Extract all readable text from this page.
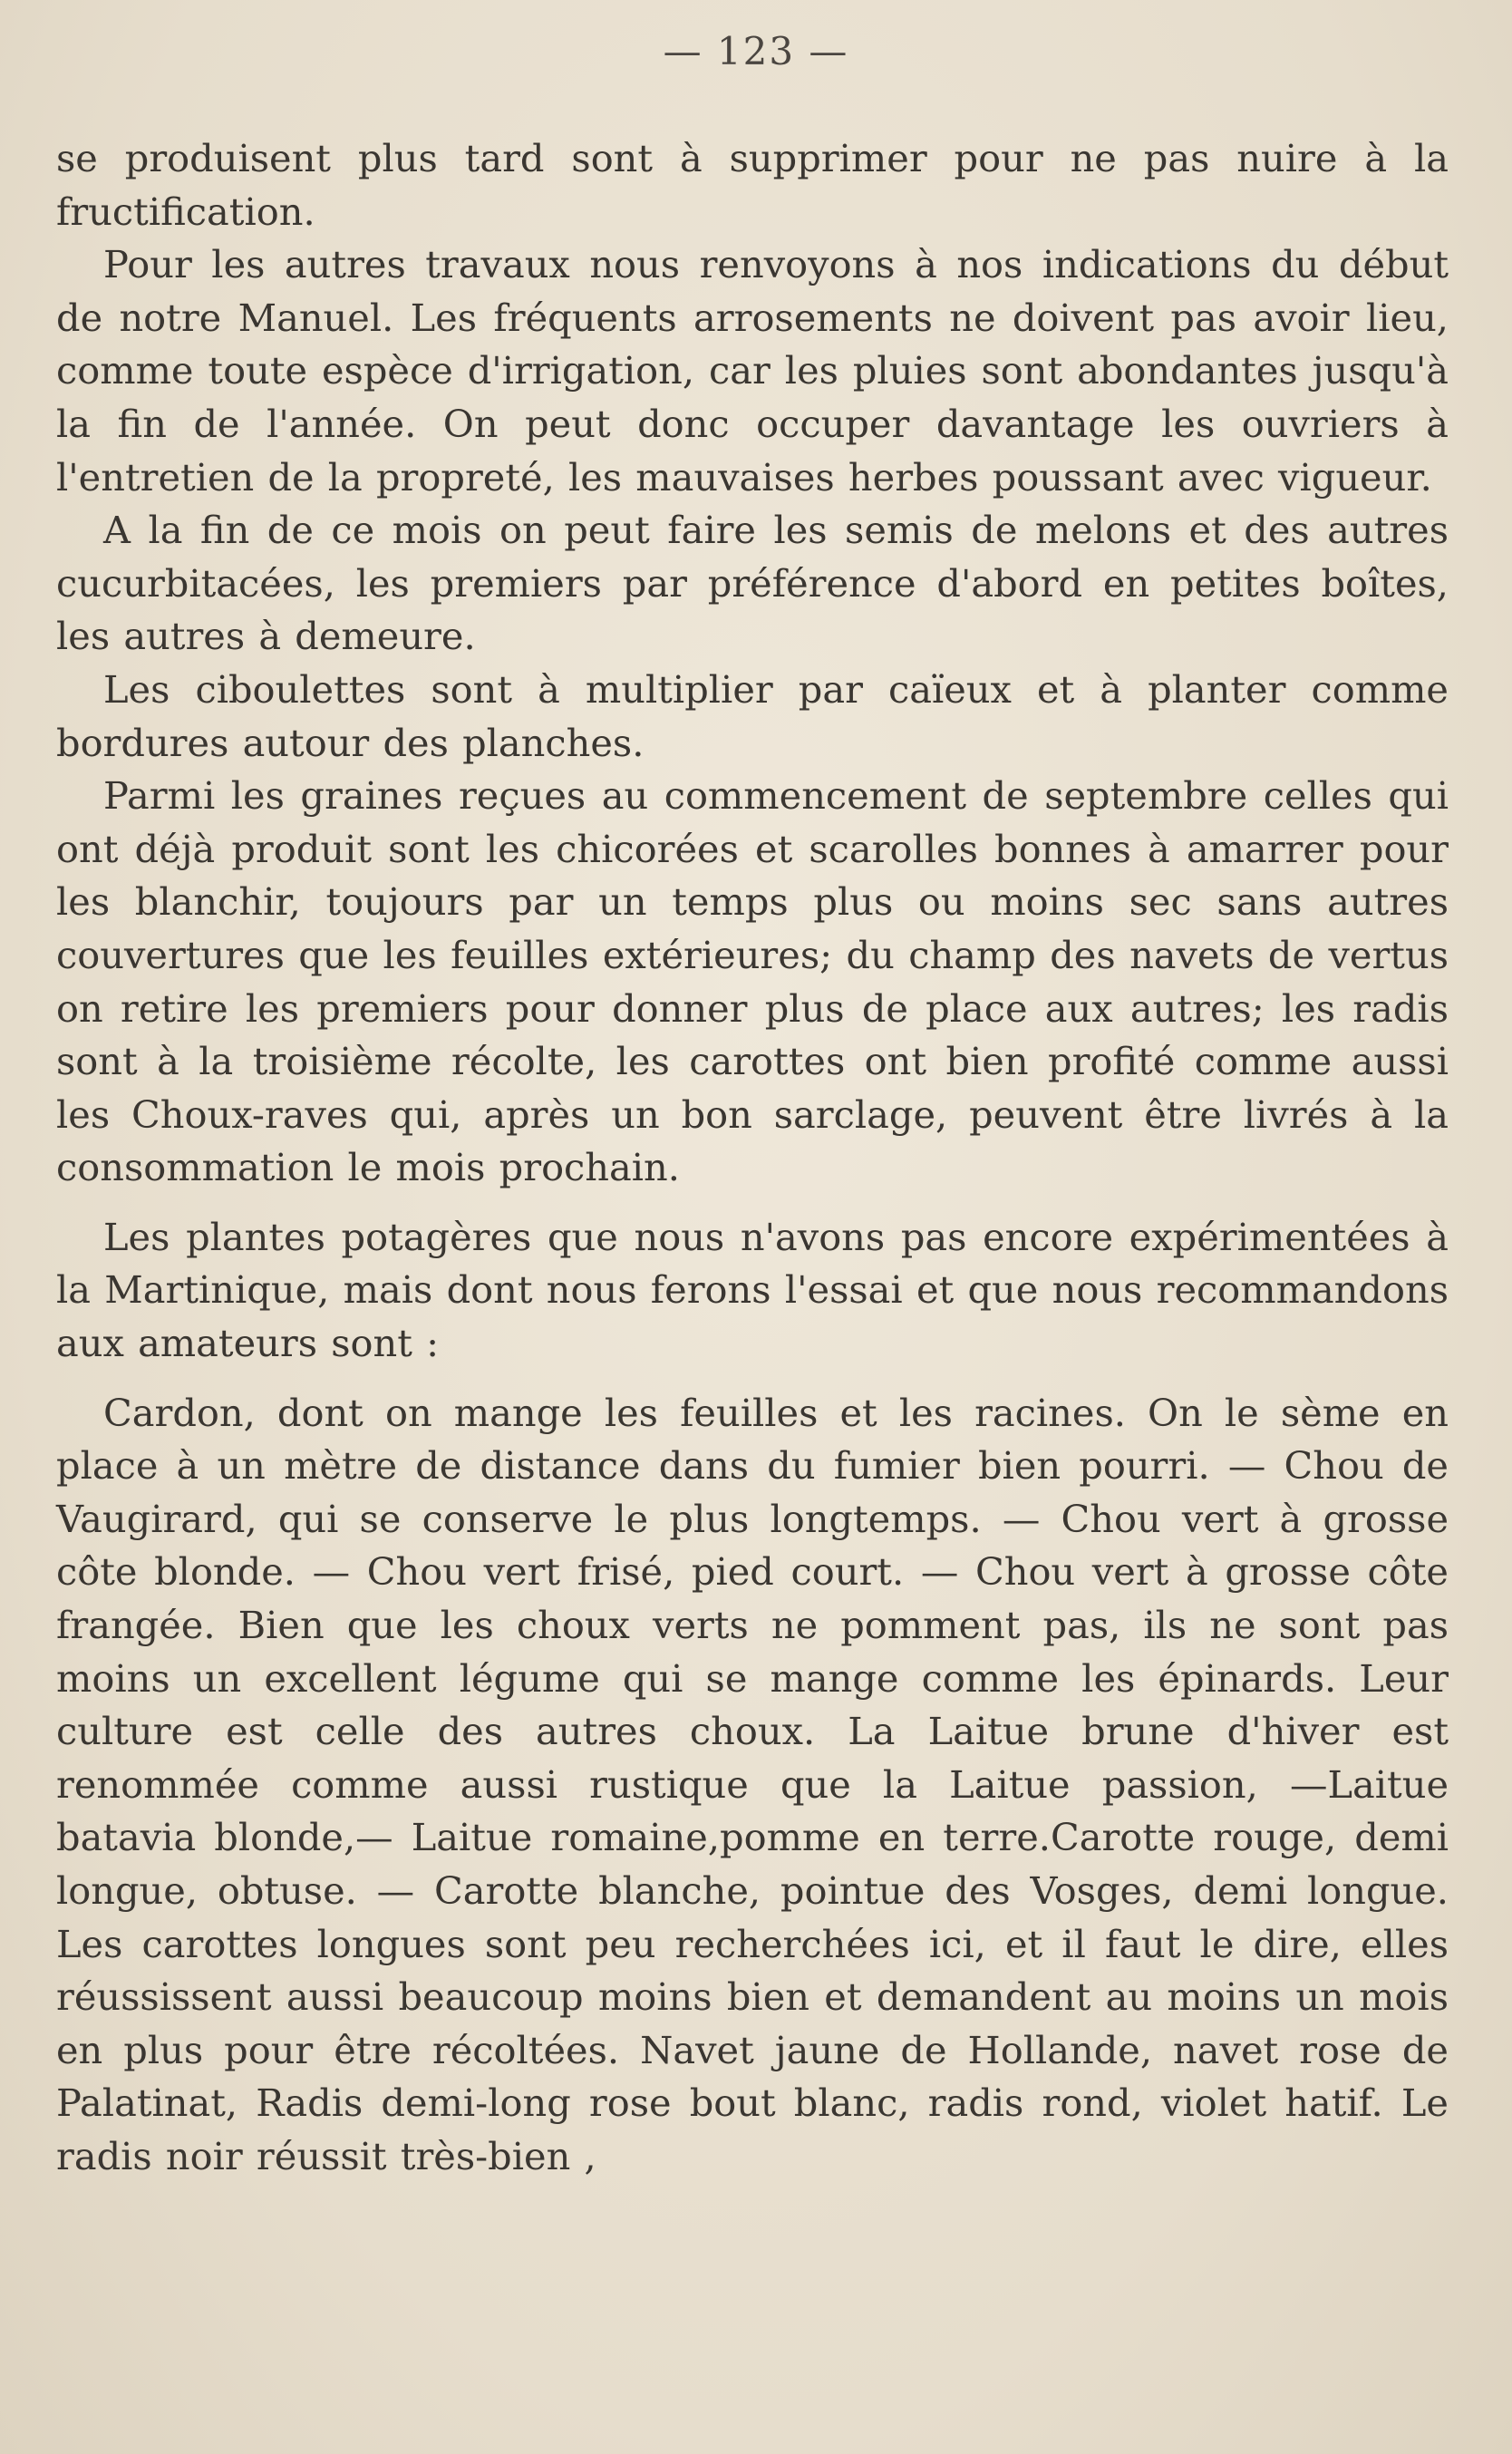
— 123 —

se produisent plus tard sont à supprimer pour ne pas nuire à la fructification.

Pour les autres travaux nous renvoyons à nos indications du début de notre Manuel. Les fréquents arrosements ne doivent pas avoir lieu, comme toute espèce d'irrigation, car les pluies sont abondantes jusqu'à la fin de l'année. On peut donc occuper davantage les ouvriers à l'entretien de la propreté, les mauvaises herbes poussant avec vigueur.

A la fin de ce mois on peut faire les semis de melons et des autres cucurbitacées, les premiers par préférence d'abord en petites boîtes, les autres à demeure.

Les ciboulettes sont à multiplier par caïeux et à planter comme bordures autour des planches.

Parmi les graines reçues au commencement de septembre celles qui ont déjà produit sont les chicorées et scarolles bonnes à amarrer pour les blanchir, toujours par un temps plus ou moins sec sans autres couvertures que les feuilles extérieures; du champ des navets de vertus on retire les premiers pour donner plus de place aux autres; les radis sont à la troisième récolte, les carottes ont bien profité comme aussi les Choux-raves qui, après un bon sarclage, peuvent être livrés à la consommation le mois prochain.

Les plantes potagères que nous n'avons pas encore expérimentées à la Martinique, mais dont nous ferons l'essai et que nous recommandons aux amateurs sont :

Cardon, dont on mange les feuilles et les racines. On le sème en place à un mètre de distance dans du fumier bien pourri. — Chou de Vaugirard, qui se conserve le plus longtemps. — Chou vert à grosse côte blonde. — Chou vert frisé, pied court. — Chou vert à grosse côte frangée. Bien que les choux verts ne pomment pas, ils ne sont pas moins un excellent légume qui se mange comme les épinards. Leur culture est celle des autres choux. La Laitue brune d'hiver est renommée comme aussi rustique que la Laitue passion, —Laitue batavia blonde,— Laitue romaine,pomme en terre.Carotte rouge, demi longue, obtuse. — Carotte blanche, pointue des Vosges, demi longue. Les carottes longues sont peu recherchées ici, et il faut le dire, elles réussissent aussi beaucoup moins bien et demandent au moins un mois en plus pour être récoltées. Navet jaune de Hollande, navet rose de Palatinat, Radis demi-long rose bout blanc, radis rond, violet hatif. Le radis noir réussit très-bien ,
